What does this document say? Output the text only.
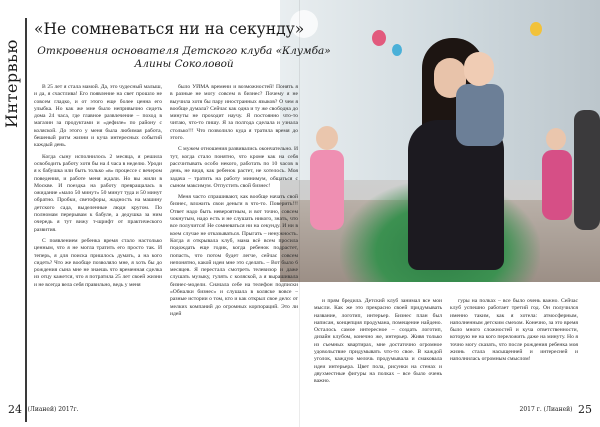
Интервью
«Не сомневаться ни на секунду»
Откровения основателя Детского клуба «Клумба»
Алины Соколовой

В 25 лет я стала мамой. Да, это чудесный малыш, и да, я счастлива! Его появление на свет прошло не совсем гладко, и от этого еще более ценна его улыбка. Но как же мне было непривычно сидеть дома 24 часа, где главное развлечение – поход в магазин за продуктами и «дефиле» по району с коляской. До этого у меня была любимая работа, бешеный ритм жизни и куча интересных событий каждый день.

Когда сыну исполнилось 2 месяца, я решила освободить работу хотя бы на 4 часа в неделю. Уроди я к бабушка или быть только «в» процессе с вечером поведения, и работе меня ждали. Но вы жили в Москве. И поездка на работу превращалась в ожидание «мало 50 минут» 50 минут туда и 50 минут обратно. Пробки, светофоры, жадность на машину детского сада, выделенные люди кругом. По полномам перерывам к бабуле, а дедушка за ним очередь я тут вижу т-шрифт от практического развития.

С появлением ребенка время стало настолько ценным, что я не могла тратить его просто так. И теперь, я для поиска пришлось думать, а на кого сидеть? Что же вообще позволяло мне, я хоть бы до рождения сына мне не знаешь что временная сделка из отцу кажется, что я потратила 25 лет своей жизни и не всегда вела себя правильно, ведь у меня

было УЙМА времени и возможностей! Понять я в разные не могу совсем в бизнес? Почему я не выучила хотя бы пару иностранных языков? О чем я вообще думала? Сейчас как одна и ту же свободна до минуты не проходит научу. Я постоянно что-то читаю, что-то пишу. Я за полгода сделала и узнала столько!!! Что позволило куда я тратила время до этого.

С мужем отношения развивались окончательно. И тут, когда стало понятно, что кроме как на себя рассчитывать особо некого, работать по 10 часов в день, не видя, как ребенок растет, не хотелось. Моя задача – тратить на работу минимум, общаться с сыном максимум. Отпустить свой бизнес!

Меня часто спрашивают, как вообще начать свой бизнес, вложить свои деньги в что-то. Поверить!!! Ответ надо быть невероятным, и вот точно, совсем чокнутым, надо есть и не слушать никого, знать, что все получится! Не сомневаться ни на секунду. И ни в коем случае не отказываться. Прыгать – ненужность. Когда я открывала клуб, мама всё всем просила подождать еще годик, когда ребенок подрастет, попасть, что потом будет легче, сейчас совсем непонятно, какой идеи мне это сделать. – Вот было 6 месяцев. Я перестала смотреть телевизор и даже слушать музыку, гулять с коляской, а я вырашивала бизнес-модели. Сначала себе на телефон подписки «Обналки бизнес» и слушала в коляске вовсе – разные истории о том, кто и как открыл свое дело: от мелких компаний до огромных корпораций. Это ли идей

и прям бредила. Детский клуб занимал все мои мысли. Как же это прекрасно своей придумывать название, логотип, интерьер. Бизнес план был написан, концепция продумана, помещение найдено. Осталось самое интересное – создать логотип, дизайн клубом, конечно же, интерьер. Живя только из съемных квартирах, мне достаточно огромное удовольствие придумывать что-то свое. В каждой уголок, каждую мелочь продумывала и смаковала идеи интерьера. Цвет пола, рисунки на стенах и двухместные фигуры на полках – все было очень важно.

гуры на полках – все было очень важно. Сейчас клуб успешно работает третий год. Он получился именно таким, как я хотела: атмосферным, наполненным детским смехом. Конечно, за это время было много сложностей и куча ответственности, которую не на кого переложить даже на минуту. Но я точно могу сказать, что после рождения ребенка моя жизнь стала насыщенней и интересней и наполнилась огромным смыслом!

24 (Лианей) 2017г.	2017 г. (Лианей) 25
